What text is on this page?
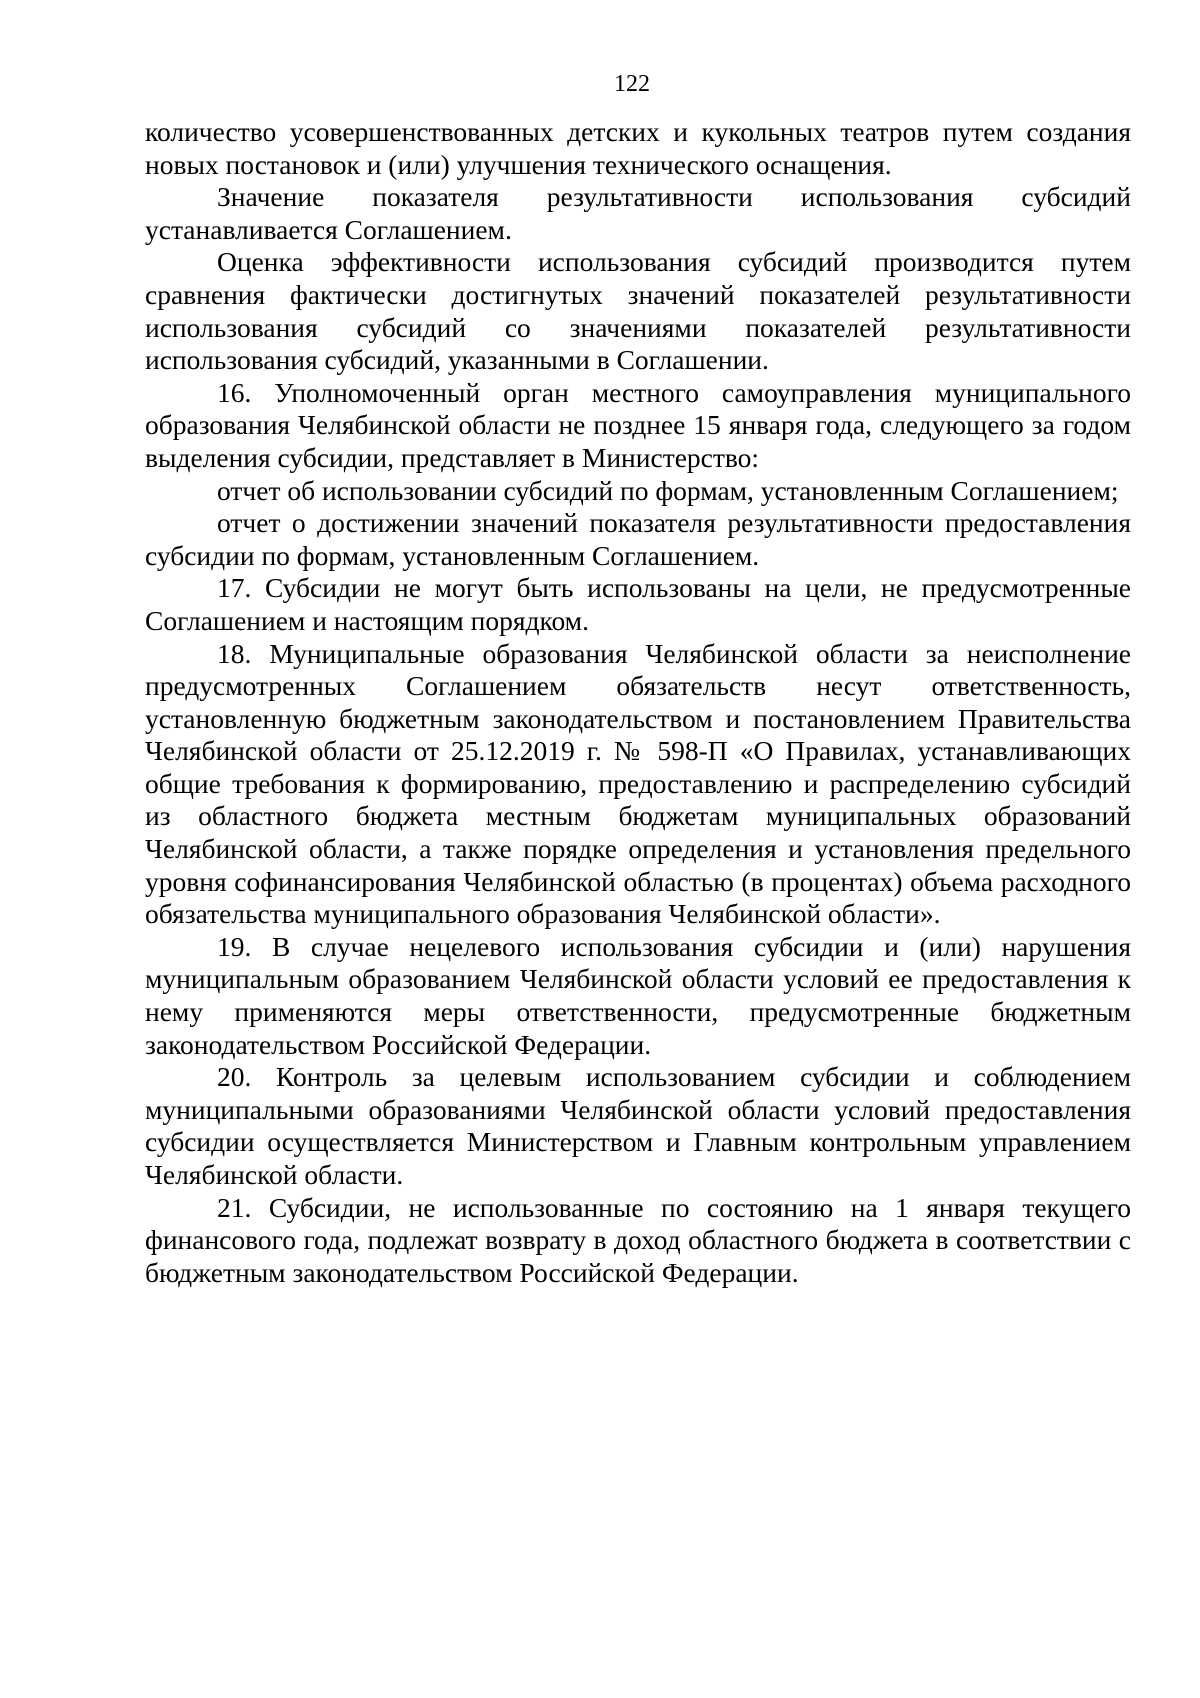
122

количество усовершенствованных детских и кукольных театров путем создания новых постановок и (или) улучшения технического оснащения.

Значение показателя результативности использования субсидий устанавливается Соглашением.

Оценка эффективности использования субсидий производится путем сравнения фактически достигнутых значений показателей результативности использования субсидий со значениями показателей результативности использования субсидий, указанными в Соглашении.

16. Уполномоченный орган местного самоуправления муниципального образования Челябинской области не позднее 15 января года, следующего за годом выделения субсидии, представляет в Министерство:

отчет об использовании субсидий по формам, установленным Соглашением;

отчет о достижении значений показателя результативности предоставления субсидии по формам, установленным Соглашением.

17. Субсидии не могут быть использованы на цели, не предусмотренные Соглашением и настоящим порядком.

18. Муниципальные образования Челябинской области за неисполнение предусмотренных Соглашением обязательств несут ответственность, установленную бюджетным законодательством и постановлением Правительства Челябинской области от 25.12.2019 г. № 598-П «О Правилах, устанавливающих общие требования к формированию, предоставлению и распределению субсидий из областного бюджета местным бюджетам муниципальных образований Челябинской области, а также порядке определения и установления предельного уровня софинансирования Челябинской областью (в процентах) объема расходного обязательства муниципального образования Челябинской области».

19. В случае нецелевого использования субсидии и (или) нарушения муниципальным образованием Челябинской области условий ее предоставления к нему применяются меры ответственности, предусмотренные бюджетным законодательством Российской Федерации.

20. Контроль за целевым использованием субсидии и соблюдением муниципальными образованиями Челябинской области условий предоставления субсидии осуществляется Министерством и Главным контрольным управлением Челябинской области.

21. Субсидии, не использованные по состоянию на 1 января текущего финансового года, подлежат возврату в доход областного бюджета в соответствии с бюджетным законодательством Российской Федерации.
